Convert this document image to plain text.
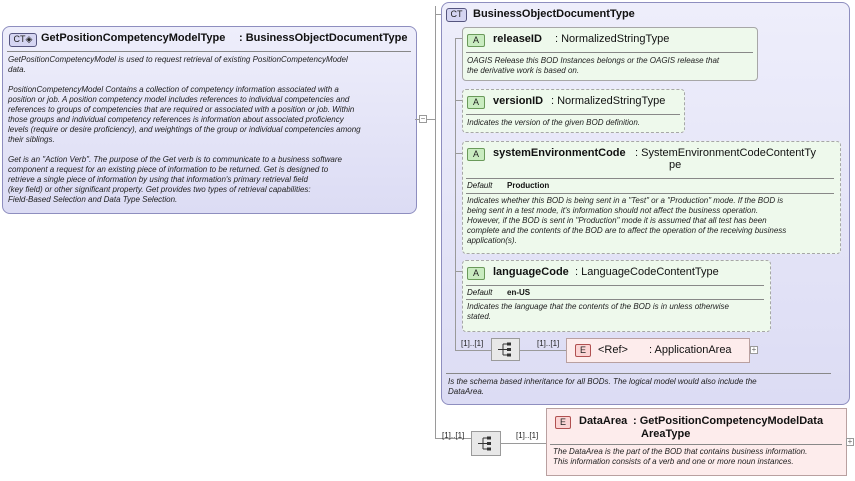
CT◈ GetPositionCompetencyModelType : BusinessObjectDocumentType
GetPositionCompetencyModel is used to request retrieval of existing PositionCompetencyModel
data.

PositionCompetencyModel Contains a collection of competency information associated with a
position or job. A position competency model includes references to individual competencies and
references to groups of competencies that are required or associated with a position or job. Within
those groups and individual competency references is information about associated proficiency
levels (require or desire proficiency), and weightings of the group or individual competencies among
their siblings.

Get is an "Action Verb". The purpose of the Get verb is to communicate to a business software
component a request for an existing piece of information to be returned. Get is designed to
retrieve a single piece of information by using that information's primary retrieval field
(key field) or other significant property. Get provides two types of retrieval capabilities:
Field-Based Selection and Data Type Selection.
−
CT BusinessObjectDocumentType
Is the schema based inheritance for all BODs. The logical model would also include the
DataArea.
A	releaseID : NormalizedStringType
OAGIS Release this BOD Instances belongs or the OAGIS release that
the derivative work is based on.
A	versionID : NormalizedStringType
Indicates the version of the given BOD definition.
A	systemEnvironmentCode : SystemEnvironmentCodeContentTy
pe
Default Production
Indicates whether this BOD is being sent in a "Test" or a "Production" mode. If the BOD is
being sent in a test mode, it's information should not affect the business operation.
However, if the BOD is sent in "Production" mode it is assumed that all test has been
complete and the contents of the BOD are to affect the operation of the receiving business
application(s).
A	languageCode : LanguageCodeContentType
Default en-US
Indicates the language that the contents of the BOD is in unless otherwise
stated.
[1]..[1]	[1]..[1]
E	<Ref> : ApplicationArea	+
[1]..[1]	[1]..[1]
E	DataArea : GetPositionCompetencyModelData
AreaType
The DataArea is the part of the BOD that contains business information.
This information consists of a verb and one or more noun instances.
+
